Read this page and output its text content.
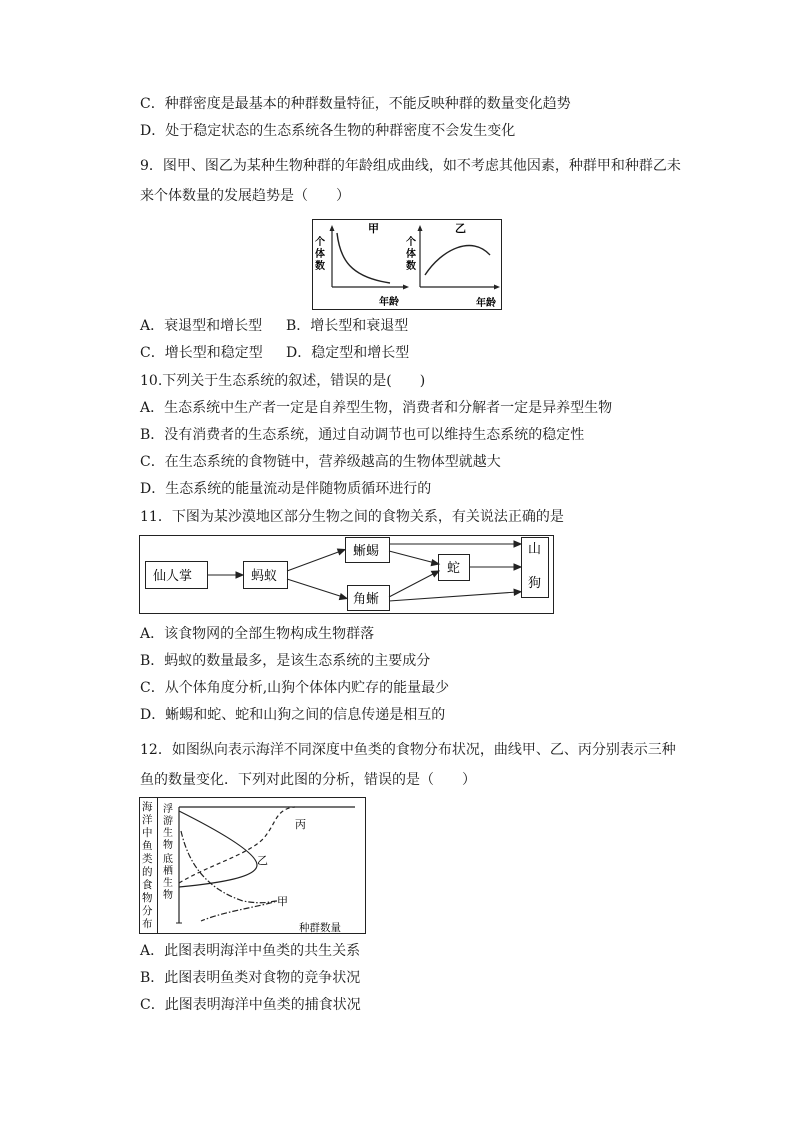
C．种群密度是最基本的种群数量特征，不能反映种群的数量变化趋势
D．处于稳定状态的生态系统各生物的种群密度不会发生变化
9．图甲、图乙为某种生物种群的年龄组成曲线，如不考虑其他因素，种群甲和种群乙未
来个体数量的发展趋势是（　　）
甲
个
体
数
年龄
乙
个
体
数
年龄
A．衰退型和增长型 B．增长型和衰退型
C．增长型和稳定型 D．稳定型和增长型
10.下列关于生态系统的叙述，错误的是(　　)
A．生态系统中生产者一定是自养型生物，消费者和分解者一定是异养型生物
B．没有消费者的生态系统，通过自动调节也可以维持生态系统的稳定性
C．在生态系统的食物链中，营养级越高的生物体型就越大
D．生态系统的能量流动是伴随物质循环进行的
11．下图为某沙漠地区部分生物之间的食物关系，有关说法正确的是
仙人掌	蚂蚁
蜥蜴
角蜥
蛇
山
狗
A．该食物网的全部生物构成生物群落
B．蚂蚁的数量最多，是该生态系统的主要成分
C．从个体角度分析,山狗个体体内贮存的能量最少
D．蜥蜴和蛇、蛇和山狗之间的信息传递是相互的
12．如图纵向表示海洋不同深度中鱼类的食物分布状况，曲线甲、乙、丙分别表示三种
鱼的数量变化．下列对此图的分析，错误的是（　　）
海
洋
中
鱼
类
的
食
物
分
布
浮
游
生
物
底
栖
生
物
丙
乙
甲
种群数量
A．此图表明海洋中鱼类的共生关系
B．此图表明鱼类对食物的竞争状况
C．此图表明海洋中鱼类的捕食状况
